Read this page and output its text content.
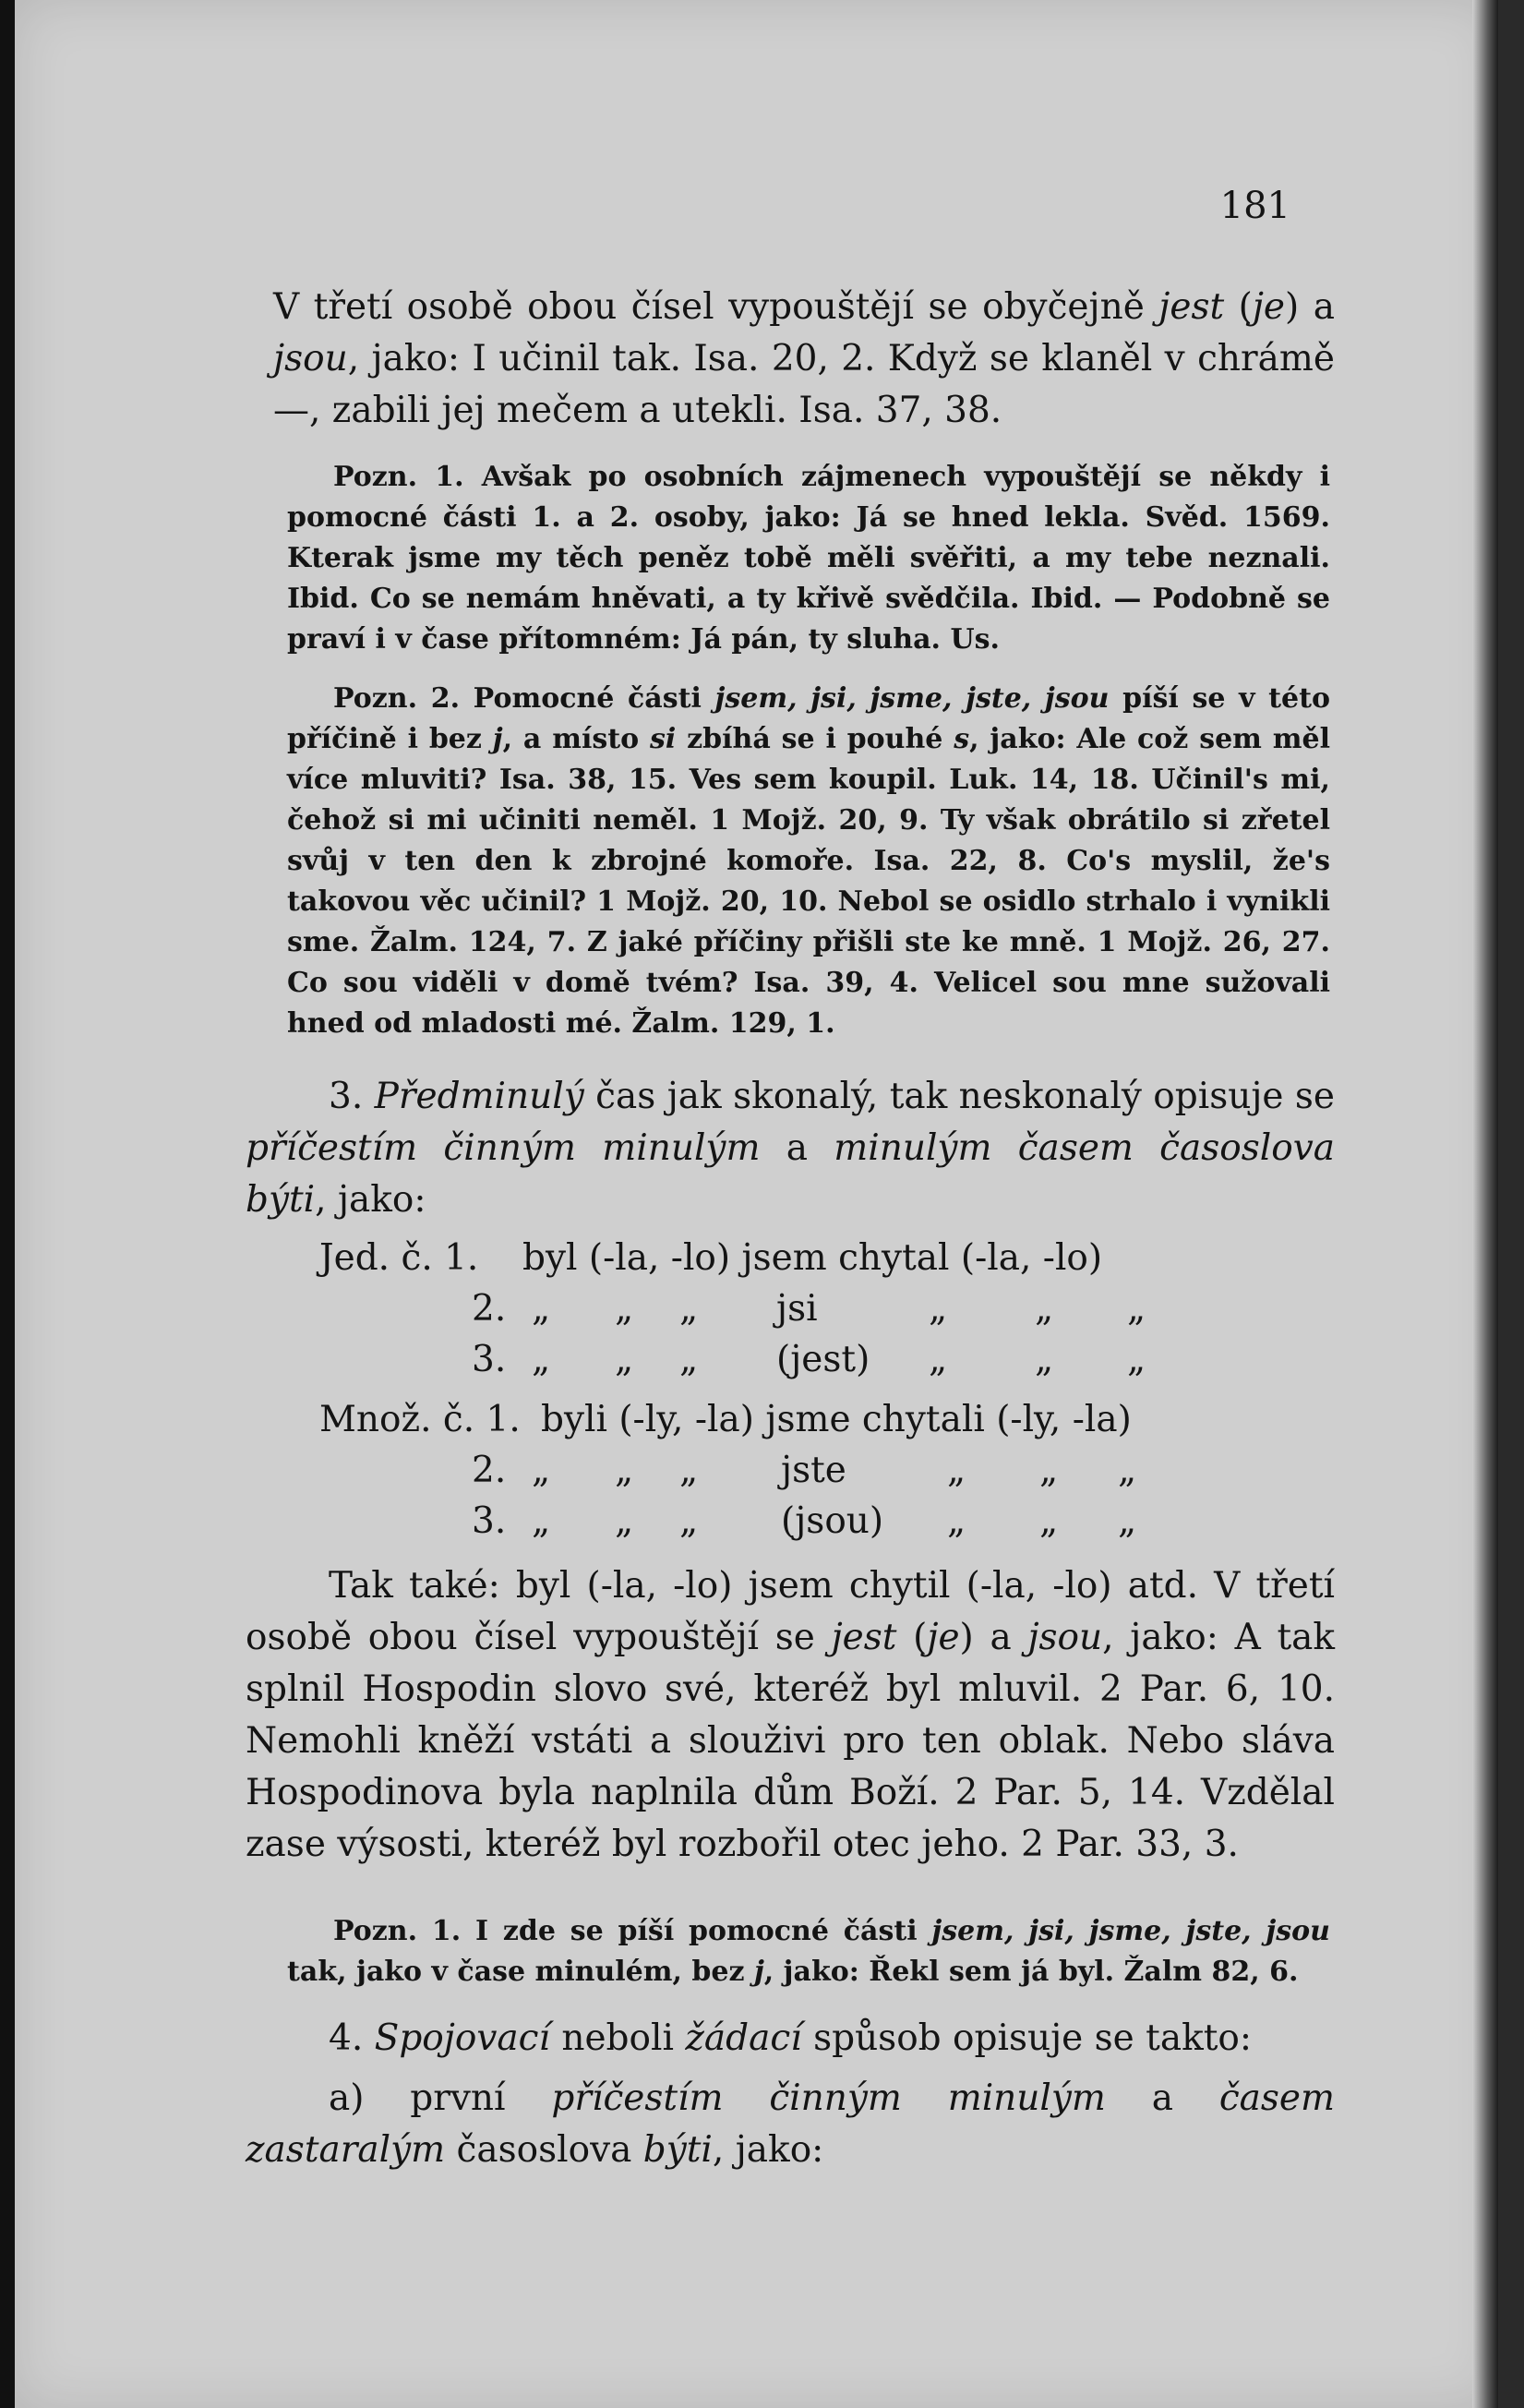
181
V třetí osobě obou čísel vypouštějí se obyčejně jest (je) a jsou, jako: I učinil tak. Isa. 20, 2. Když se klaněl v chrámě —, zabili jej mečem a utekli. Isa. 37, 38.
Pozn. 1. Avšak po osobních zájmenech vypouštějí se někdy i pomocné části 1. a 2. osoby, jako: Já se hned lekla. Svěd. 1569. Kterak jsme my těch peněz tobě měli svěřiti, a my tebe neznali. Ibid. Co se nemám hněvati, a ty křivě svědčila. Ibid. — Podobně se praví i v čase přítomném: Já pán, ty sluha. Us.
Pozn. 2. Pomocné části jsem, jsi, jsme, jste, jsou píší se v této příčině i bez j, a místo si zbíhá se i pouhé s, jako: Ale což sem měl více mluviti? Isa. 38, 15. Ves sem koupil. Luk. 14, 18. Učinil's mi, čehož si mi učiniti neměl. 1 Mojž. 20, 9. Ty však obrátilo si zřetel svůj v ten den k zbrojné komoře. Isa. 22, 8. Co's myslil, že's takovou věc učinil? 1 Mojž. 20, 10. Nebol se osidlo strhalo i vynikli sme. Žalm. 124, 7. Z jaké příčiny přišli ste ke mně. 1 Mojž. 26, 27. Co sou viděli v domě tvém? Isa. 39, 4. Velicel sou mne sužovali hned od mladosti mé. Žalm. 129, 1.
3. Předminulý čas jak skonalý, tak neskonalý opisuje se příčestím činným minulým a minulým časem časoslova býti, jako:
Jed. č. 1. byl (-la, -lo) jsem chytal (-la, -lo)
2. „ „ „ jsi	„ „ „
3. „ „ „ (jest) „ „ „
Množ. č. 1. byli (-ly, -la) jsme chytali (-ly, -la)
2. „ „ „ jste	„ „ „
3. „ „ „ (jsou) „ „ „
Tak také: byl (-la, -lo) jsem chytil (-la, -lo) atd. V třetí osobě obou čísel vypouštějí se jest (je) a jsou, jako: A tak splnil Hospodin slovo své, kteréž byl mluvil. 2 Par. 6, 10. Nemohli kněží vstáti a slouživi pro ten oblak. Nebo sláva Hospodinova byla naplnila dům Boží. 2 Par. 5, 14. Vzdělal zase výsosti, kteréž byl rozbořil otec jeho. 2 Par. 33, 3.
Pozn. 1. I zde se píší pomocné části jsem, jsi, jsme, jste, jsou tak, jako v čase minulém, bez j, jako: Řekl sem já byl. Žalm 82, 6.
4. Spojovací neboli žádací spůsob opisuje se takto:
a) první příčestím činným minulým a časem zastaralým časoslova býti, jako:
